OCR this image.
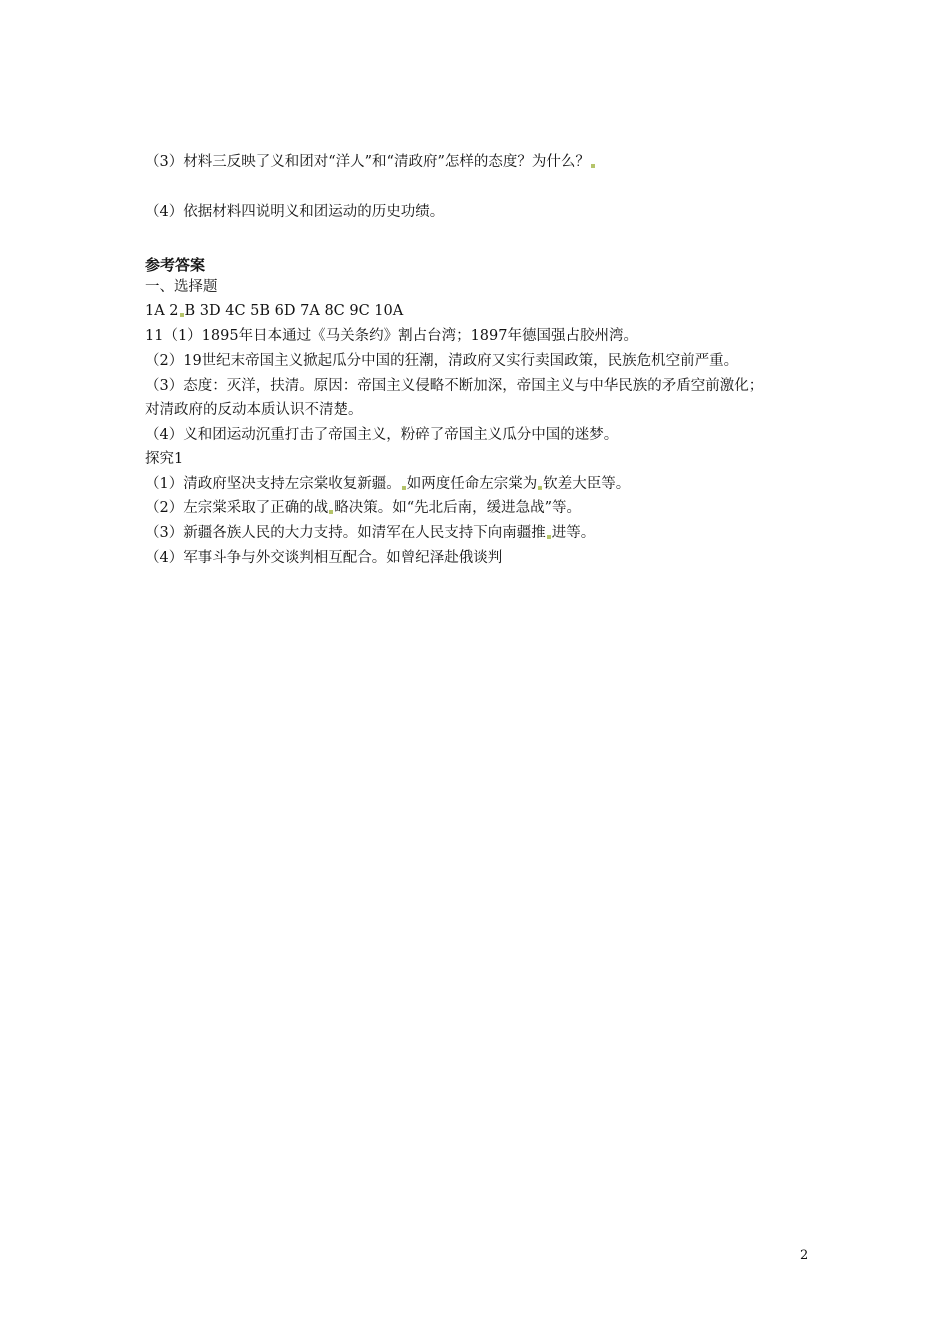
（3）材料三反映了义和团对“洋人”和“清政府”怎样的态度？为什么？
（4）依据材料四说明义和团运动的历史功绩。
参考答案
一、选择题
1A 2 B 3D 4C 5B 6D 7A 8C 9C 10A
11（1）1895年日本通过《马关条约》割占台湾；1897年德国强占胶州湾。
（2）19世纪末帝国主义掀起瓜分中国的狂潮，清政府又实行卖国政策，民族危机空前严重。
（3）态度：灭洋，扶清。原因：帝国主义侵略不断加深，帝国主义与中华民族的矛盾空前激化；
对清政府的反动本质认识不清楚。
（4）义和团运动沉重打击了帝国主义，粉碎了帝国主义瓜分中国的迷梦。
探究1
（1）清政府坚决支持左宗棠收复新疆。 如两度任命左宗棠为 钦差大臣等。
（2）左宗棠采取了正确的战 略决策。如“先北后南，缓进急战”等。
（3）新疆各族人民的大力支持。如清军在人民支持下向南疆推 进等。
（4）军事斗争与外交谈判相互配合。如曾纪泽赴俄谈判
2
